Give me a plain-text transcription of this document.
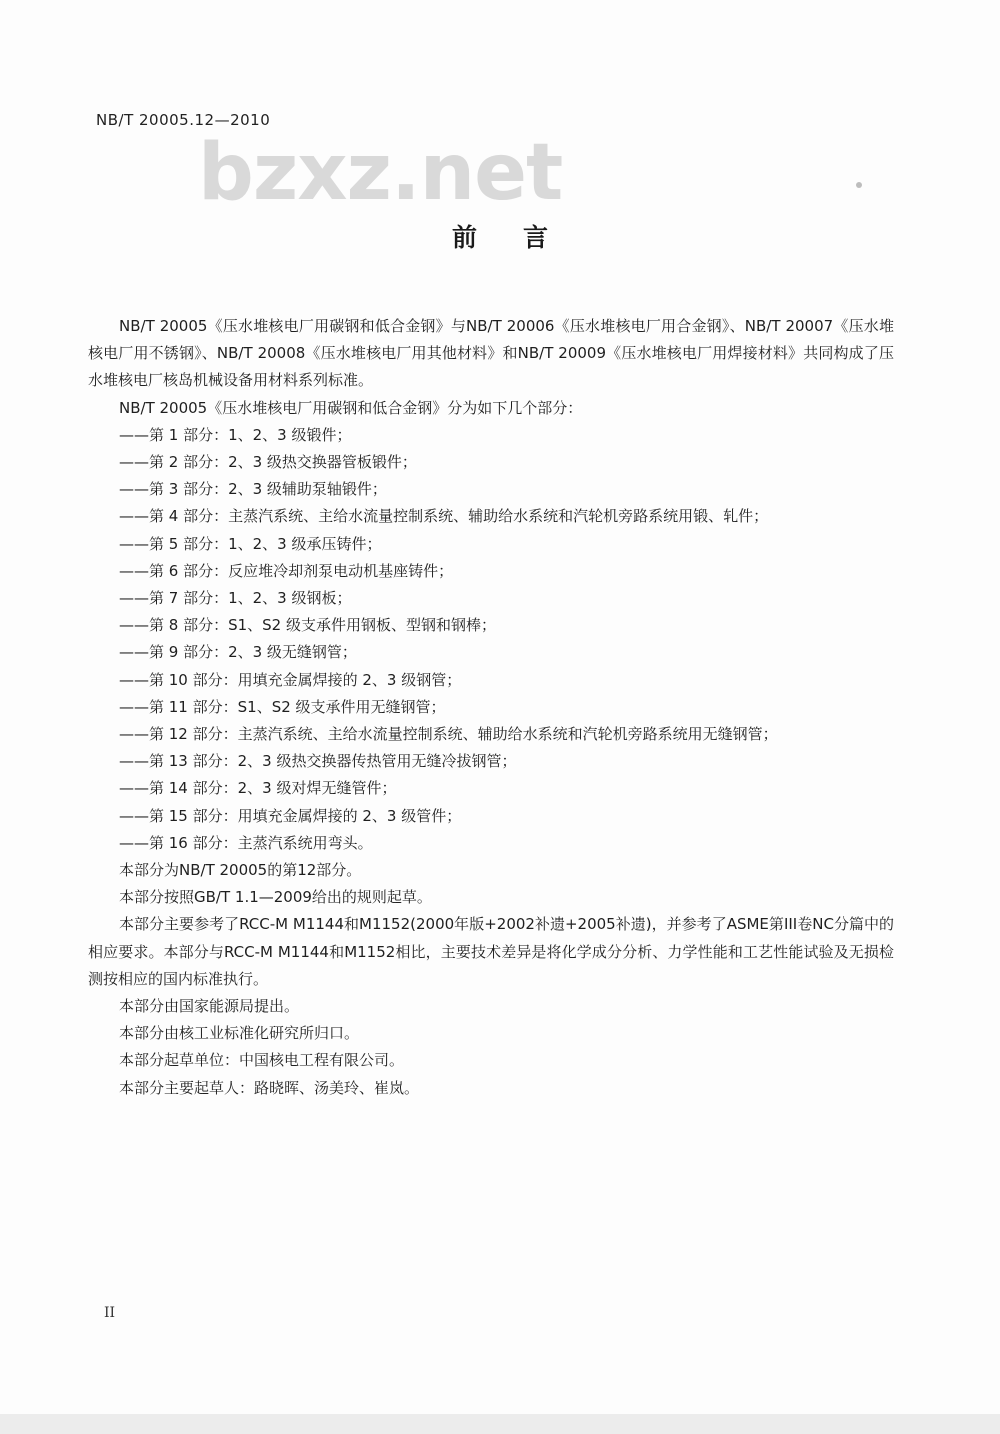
NB/T 20005.12—2010
bzxz.net
前言

NB/T 20005《压水堆核电厂用碳钢和低合金钢》与NB/T 20006《压水堆核电厂用合金钢》、NB/T 20007《压水堆核电厂用不锈钢》、NB/T 20008《压水堆核电厂用其他材料》和NB/T 20009《压水堆核电厂用焊接材料》共同构成了压水堆核电厂核岛机械设备用材料系列标准。

NB/T 20005《压水堆核电厂用碳钢和低合金钢》分为如下几个部分：

——第 1 部分：1、2、3 级锻件；

——第 2 部分：2、3 级热交换器管板锻件；

——第 3 部分：2、3 级辅助泵轴锻件；

——第 4 部分：主蒸汽系统、主给水流量控制系统、辅助给水系统和汽轮机旁路系统用锻、轧件；

——第 5 部分：1、2、3 级承压铸件；

——第 6 部分：反应堆冷却剂泵电动机基座铸件；

——第 7 部分：1、2、3 级钢板；

——第 8 部分：S1、S2 级支承件用钢板、型钢和钢棒；

——第 9 部分：2、3 级无缝钢管；

——第 10 部分：用填充金属焊接的 2、3 级钢管；

——第 11 部分：S1、S2 级支承件用无缝钢管；

——第 12 部分：主蒸汽系统、主给水流量控制系统、辅助给水系统和汽轮机旁路系统用无缝钢管；

——第 13 部分：2、3 级热交换器传热管用无缝冷拔钢管；

——第 14 部分：2、3 级对焊无缝管件；

——第 15 部分：用填充金属焊接的 2、3 级管件；

——第 16 部分：主蒸汽系统用弯头。

本部分为NB/T 20005的第12部分。

本部分按照GB/T 1.1—2009给出的规则起草。

本部分主要参考了RCC-M M1144和M1152(2000年版+2002补遗+2005补遗)，并参考了ASME第III卷NC分篇中的相应要求。本部分与RCC-M M1144和M1152相比，主要技术差异是将化学成分分析、力学性能和工艺性能试验及无损检测按相应的国内标准执行。

本部分由国家能源局提出。

本部分由核工业标准化研究所归口。

本部分起草单位：中国核电工程有限公司。

本部分主要起草人：路晓晖、汤美玲、崔岚。

II
